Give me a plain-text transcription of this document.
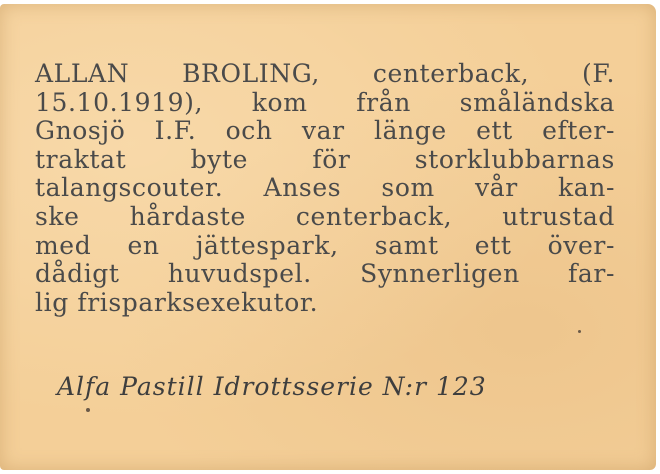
ALLAN BROLING, centerback, (F.
15.10.1919), kom från småländska
Gnosjö I.F. och var länge ett efter-
traktat byte för storklubbarnas
talangscouter. Anses som vår kan-
ske hårdaste centerback, utrustad
med en jättespark, samt ett över-
dådigt huvudspel. Synnerligen far-
lig frisparksexekutor.
Alfa Pastill Idrottsserie N:r 123
